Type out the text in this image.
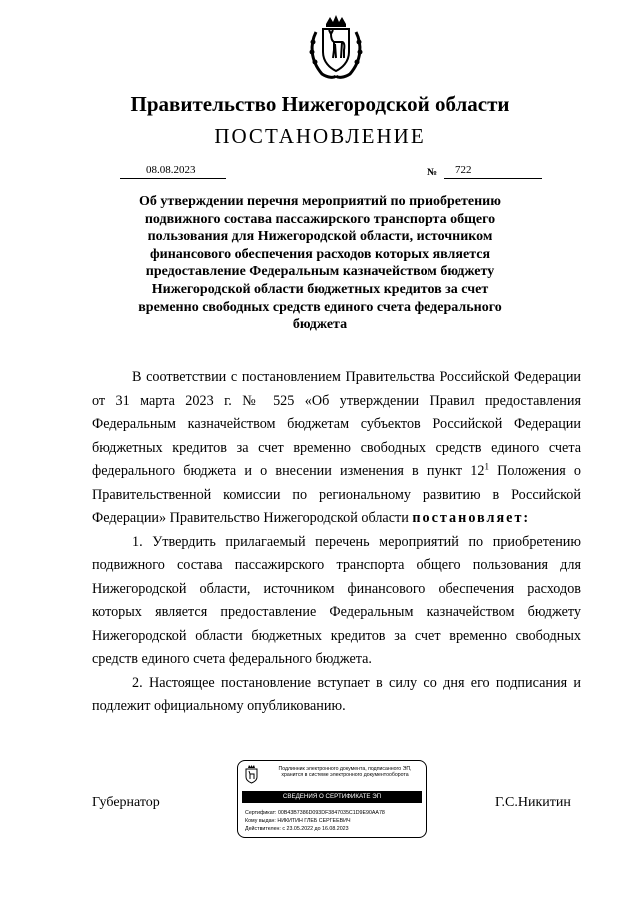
Правительство Нижегородской области
ПОСТАНОВЛЕНИЕ
08.08.2023	№ 722
Об утверждении перечня мероприятий по приобретению подвижного состава пассажирского транспорта общего пользования для Нижегородской области, источником финансового обеспечения расходов которых является предоставление Федеральным казначейством бюджету Нижегородской области бюджетных кредитов за счет временно свободных средств единого счета федерального бюджета

В соответствии с постановлением Правительства Российской Федерации от 31 марта 2023 г. № 525 «Об утверждении Правил предоставления Федеральным казначейством бюджетам субъектов Российской Федерации бюджетных кредитов за счет временно свободных средств единого счета федерального бюджета и о внесении изменения в пункт $12^1$ Положения о Правительственной комиссии по региональному развитию в Российской Федерации» Правительство Нижегородской области постановляет:

1. Утвердить прилагаемый перечень мероприятий по приобретению подвижного состава пассажирского транспорта общего пользования для Нижегородской области, источником финансового обеспечения расходов которых является предоставление Федеральным казначейством бюджету Нижегородской области бюджетных кредитов за счет временно свободных средств единого счета федерального бюджета.

2. Настоящее постановление вступает в силу со дня его подписания и подлежит официальному опубликованию.

Губернатор	Г.С.Никитин
Подлинник электронного документа, подписанного ЭП, хранится в системе электронного документооборота
СВЕДЕНИЯ О СЕРТИФИКАТЕ ЭП
Сертификат: 00B43B7386D093DF3847035C1D9E90AA78
Кому выдан: НИКИТИН ГЛЕБ СЕРГЕЕВИЧ
Действителен: с 23.05.2022 до 16.08.2023
